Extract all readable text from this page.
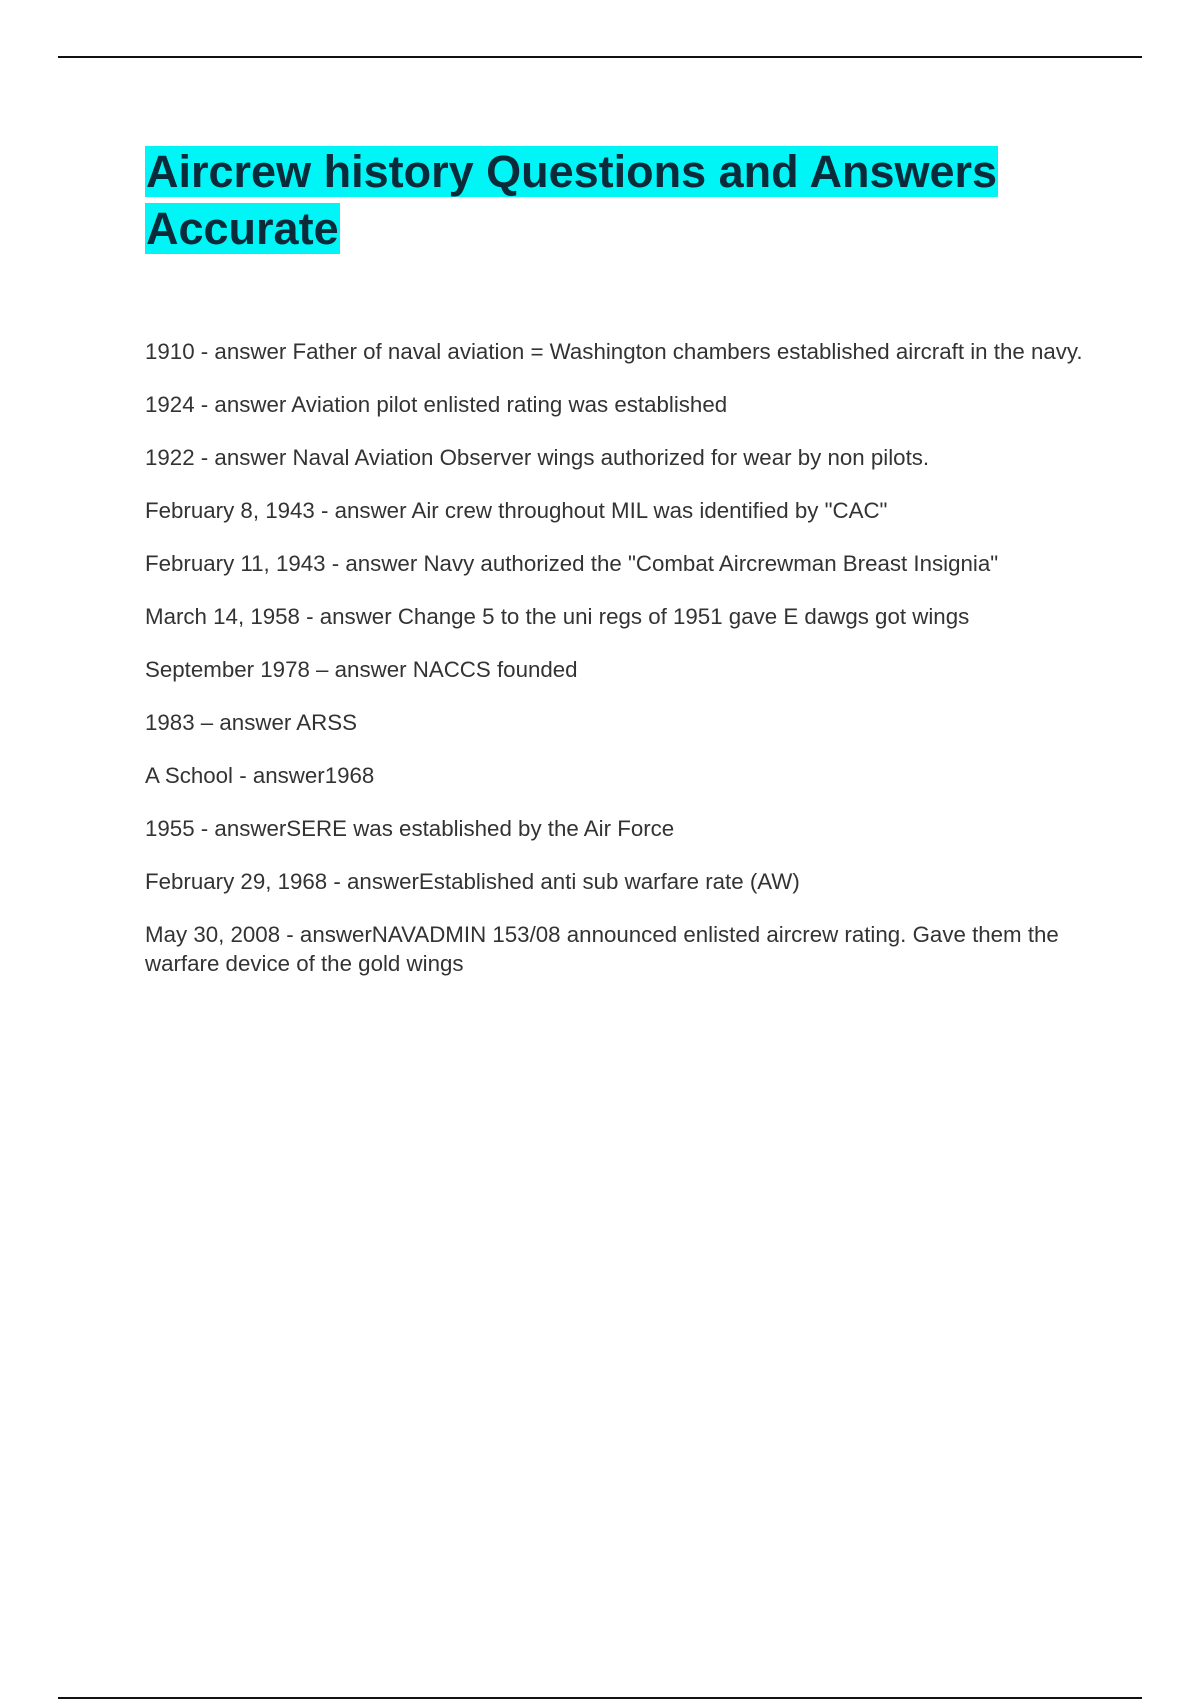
Aircrew history Questions and Answers Accurate
1910 - answer Father of naval aviation = Washington chambers established aircraft in the navy.
1924 - answer Aviation pilot enlisted rating was established
1922 - answer Naval Aviation Observer wings authorized for wear by non pilots.
February 8, 1943 - answer Air crew throughout MIL was identified by "CAC"
February 11, 1943 - answer Navy authorized the "Combat Aircrewman Breast Insignia"
March 14, 1958 - answer Change 5 to the uni regs of 1951 gave E dawgs got wings
September 1978 – answer NACCS founded
1983 – answer ARSS
A School - answer1968
1955 - answerSERE was established by the Air Force
February 29, 1968 - answerEstablished anti sub warfare rate (AW)
May 30, 2008 - answerNAVADMIN 153/08 announced enlisted aircrew rating. Gave them the warfare device of the gold wings
